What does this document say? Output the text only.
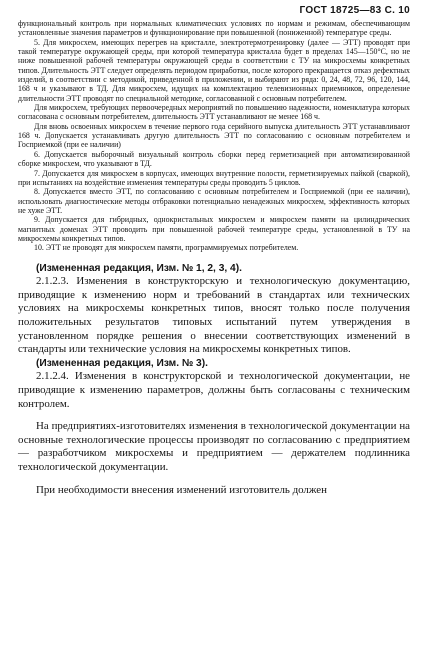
ГОСТ 18725—83 С. 10

функциональный контроль при нормальных климатических условиях по нормам и режимам, обеспечивающим установленные значения параметров и функционирование при повышенной (пониженной) температуре среды.

5. Для микросхем, имеющих перегрев на кристалле, электротермотренировку (далее — ЭТТ) проводят при такой температуре окружающей среды, при которой температура кристалла будет в пределах 145—150°С, но не ниже повышенной рабочей температуры окружающей среды в соответствии с ТУ на микросхемы конкретных типов. Длительность ЭТТ следует определять периодом приработки, после которого прекращается отказ дефектных изделий, в соответствии с методикой, приведенной в приложении, и выбирают из ряда: 0, 24, 48, 72, 96, 120, 144, 168 ч и указывают в ТД. Для микросхем, идущих на комплектацию телевизионных приемников, определение длительности ЭТТ проводят по специальной методике, согласованной с основным потребителем.

Для микросхем, требующих первоочередных мероприятий по повышению надежности, номенклатура которых согласована с основным потребителем, длительность ЭТТ устанавливают не менее 168 ч.

Для вновь освоенных микросхем в течение первого года серийного выпуска длительность ЭТТ устанавливают 168 ч. Допускается устанавливать другую длительность ЭТТ по согласованию с основным потребителем и Госприемкой (при ее наличии)

6. Допускается выборочный визуальный контроль сборки перед герметизацией при автоматизированной сборке микросхем, что указывают в ТД.

7. Допускается для микросхем в корпусах, имеющих внутренние полости, герметизируемых пайкой (сваркой), при испытаниях на воздействие изменения температуры среды проводить 5 циклов.

8. Допускается вместо ЭТТ, по согласованию с основным потребителем и Госприемкой (при ее наличии), использовать диагностические методы отбраковки потенциально ненадежных микросхем, эффективность которых не хуже ЭТТ.

9. Допускается для гибридных, однокристальных микросхем и микросхем памяти на цилиндрических магнитных доменах ЭТТ проводить при повышенной рабочей температуре среды, установленной в ТУ на микросхемы конкретных типов.

10. ЭТТ не проводят для микросхем памяти, программируемых потребителем.

(Измененная редакция, Изм. № 1, 2, 3, 4).

2.1.2.3. Изменения в конструкторскую и технологическую документацию, приводящие к изменению норм и требований в стандартах или технических условиях на микросхемы конкретных типов, вносят только после получения положительных результатов типовых испытаний путем утверждения в установленном порядке решения о внесении соответствующих изменений в стандарты или технические условия на микросхемы конкретных типов.

(Измененная редакция, Изм. № 3).

2.1.2.4. Изменения в конструкторской и технологической документации, не приводящие к изменению параметров, должны быть согласованы с техническим контролем.

На предприятиях-изготовителях изменения в технологической документации на основные технологические процессы производят по согласованию с предприятием — разработчиком микросхемы и предприятием — держателем подлинника технологической документации.

При необходимости внесения изменений изготовитель должен
